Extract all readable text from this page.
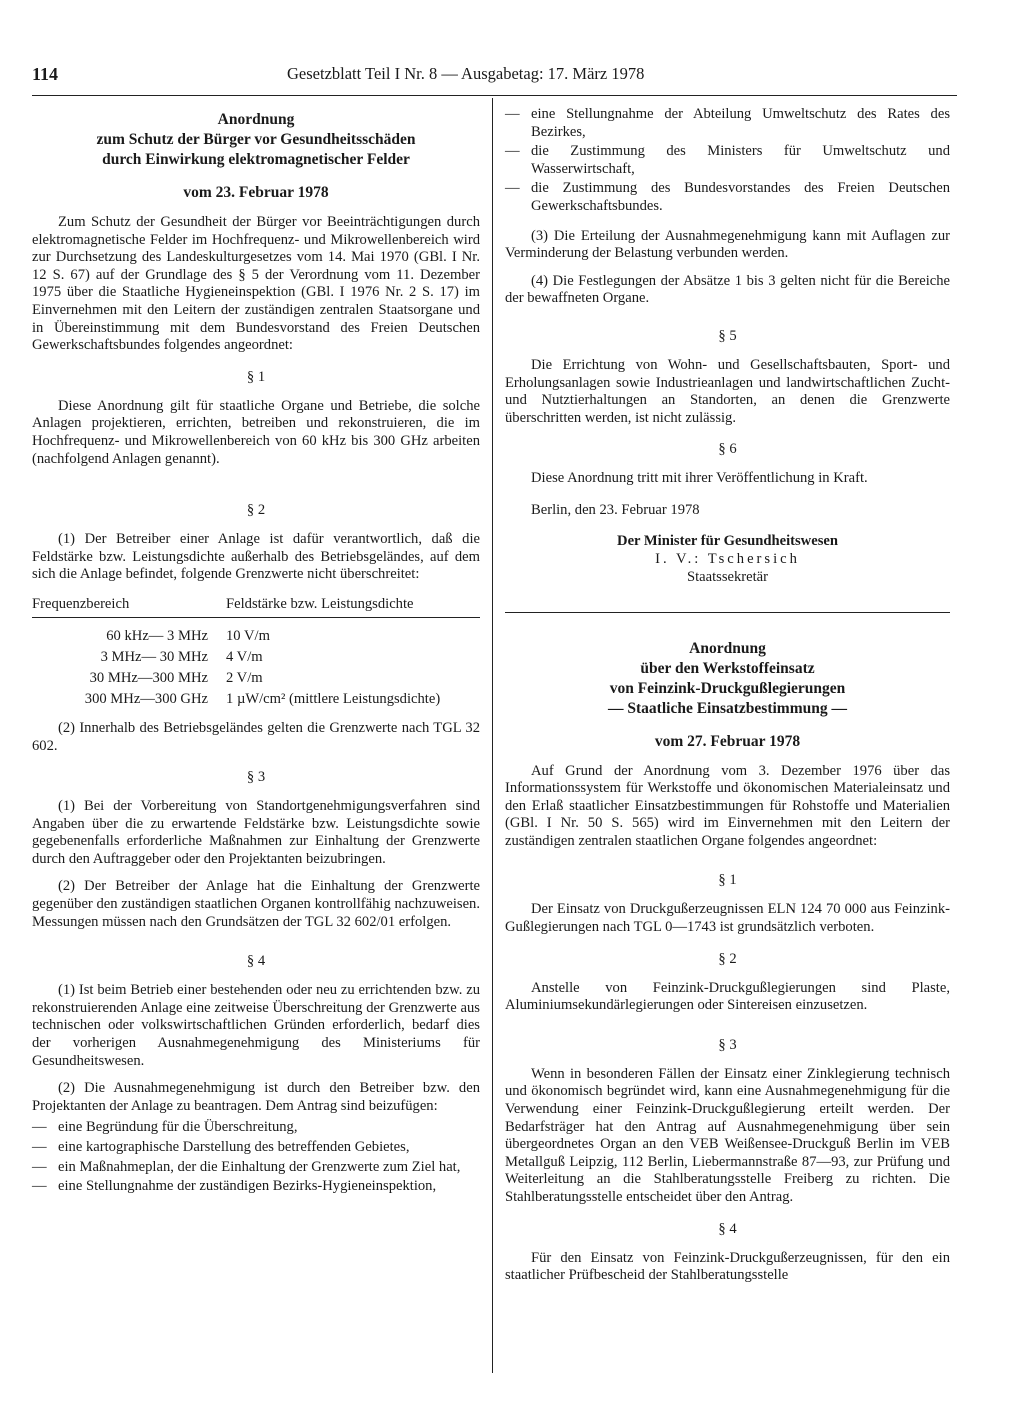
114	Gesetzblatt Teil I Nr. 8 — Ausgabetag: 17. März 1978
Anordnung
zum Schutz der Bürger vor Gesundheitsschäden
durch Einwirkung elektromagnetischer Felder
vom 23. Februar 1978

Zum Schutz der Gesundheit der Bürger vor Beeinträchtigungen durch elektromagnetische Felder im Hochfrequenz- und Mikrowellenbereich wird zur Durchsetzung des Landeskulturgesetzes vom 14. Mai 1970 (GBl. I Nr. 12 S. 67) auf der Grundlage des § 5 der Verordnung vom 11. Dezember 1975 über die Staatliche Hygieneinspektion (GBl. I 1976 Nr. 2 S. 17) im Einvernehmen mit den Leitern der zuständigen zentralen Staatsorgane und in Übereinstimmung mit dem Bundesvorstand des Freien Deutschen Gewerkschaftsbundes folgendes angeordnet:

§ 1

Diese Anordnung gilt für staatliche Organe und Betriebe, die solche Anlagen projektieren, errichten, betreiben und rekonstruieren, die im Hochfrequenz- und Mikrowellenbereich von 60 kHz bis 300 GHz arbeiten (nachfolgend Anlagen genannt).

§ 2

(1) Der Betreiber einer Anlage ist dafür verantwortlich, daß die Feldstärke bzw. Leistungsdichte außerhalb des Betriebsgeländes, auf dem sich die Anlage befindet, folgende Grenzwerte nicht überschreitet:

Frequenzbereich	Feldstärke bzw. Leistungsdichte
60 kHz— 3 MHz	10 V/m
3 MHz— 30 MHz	4 V/m
30 MHz—300 MHz	2 V/m
300 MHz—300 GHz	1 µW/cm² (mittlere Leistungsdichte)

(2) Innerhalb des Betriebsgeländes gelten die Grenzwerte nach TGL 32 602.

§ 3

(1) Bei der Vorbereitung von Standortgenehmigungsverfahren sind Angaben über die zu erwartende Feldstärke bzw. Leistungsdichte sowie gegebenenfalls erforderliche Maßnahmen zur Einhaltung der Grenzwerte durch den Auftraggeber oder den Projektanten beizubringen.

(2) Der Betreiber der Anlage hat die Einhaltung der Grenzwerte gegenüber den zuständigen staatlichen Organen kontrollfähig nachzuweisen. Messungen müssen nach den Grundsätzen der TGL 32 602/01 erfolgen.

§ 4

(1) Ist beim Betrieb einer bestehenden oder neu zu errichtenden bzw. zu rekonstruierenden Anlage eine zeitweise Überschreitung der Grenzwerte aus technischen oder volkswirtschaftlichen Gründen erforderlich, bedarf dies der vorherigen Ausnahmegenehmigung des Ministeriums für Gesundheitswesen.

(2) Die Ausnahmegenehmigung ist durch den Betreiber bzw. den Projektanten der Anlage zu beantragen. Dem Antrag sind beizufügen:

— eine Begründung für die Überschreitung,
— eine kartographische Darstellung des betreffenden Gebietes,
— ein Maßnahmeplan, der die Einhaltung der Grenzwerte zum Ziel hat,
— eine Stellungnahme der zuständigen Bezirks-Hygieneinspektion,
— eine Stellungnahme der Abteilung Umweltschutz des Rates des Bezirkes,
— die Zustimmung des Ministers für Umweltschutz und Wasserwirtschaft,
— die Zustimmung des Bundesvorstandes des Freien Deutschen Gewerkschaftsbundes.

(3) Die Erteilung der Ausnahmegenehmigung kann mit Auflagen zur Verminderung der Belastung verbunden werden.

(4) Die Festlegungen der Absätze 1 bis 3 gelten nicht für die Bereiche der bewaffneten Organe.

§ 5

Die Errichtung von Wohn- und Gesellschaftsbauten, Sport- und Erholungsanlagen sowie Industrieanlagen und landwirtschaftlichen Zucht- und Nutztierhaltungen an Standorten, an denen die Grenzwerte überschritten werden, ist nicht zulässig.

§ 6

Diese Anordnung tritt mit ihrer Veröffentlichung in Kraft.

Berlin, den 23. Februar 1978

Der Minister für Gesundheitswesen
I. V.: Tschersich
Staatssekretär
Anordnung
über den Werkstoffeinsatz
von Feinzink-Druckgußlegierungen
— Staatliche Einsatzbestimmung —
vom 27. Februar 1978

Auf Grund der Anordnung vom 3. Dezember 1976 über das Informationssystem für Werkstoffe und ökonomischen Materialeinsatz und den Erlaß staatlicher Einsatzbestimmungen für Rohstoffe und Materialien (GBl. I Nr. 50 S. 565) wird im Einvernehmen mit den Leitern der zuständigen zentralen staatlichen Organe folgendes angeordnet:

§ 1

Der Einsatz von Druckgußerzeugnissen ELN 124 70 000 aus Feinzink-Gußlegierungen nach TGL 0—1743 ist grundsätzlich verboten.

§ 2

Anstelle von Feinzink-Druckgußlegierungen sind Plaste, Aluminiumsekundärlegierungen oder Sintereisen einzusetzen.

§ 3

Wenn in besonderen Fällen der Einsatz einer Zinklegierung technisch und ökonomisch begründet wird, kann eine Ausnahmegenehmigung für die Verwendung einer Feinzink-Druckgußlegierung erteilt werden. Der Bedarfsträger hat den Antrag auf Ausnahmegenehmigung über sein übergeordnetes Organ an den VEB Weißensee-Druckguß Berlin im VEB Metallguß Leipzig, 112 Berlin, Liebermannstraße 87—93, zur Prüfung und Weiterleitung an die Stahlberatungsstelle Freiberg zu richten. Die Stahlberatungsstelle entscheidet über den Antrag.

§ 4

Für den Einsatz von Feinzink-Druckgußerzeugnissen, für den ein staatlicher Prüfbescheid der Stahlberatungsstelle
